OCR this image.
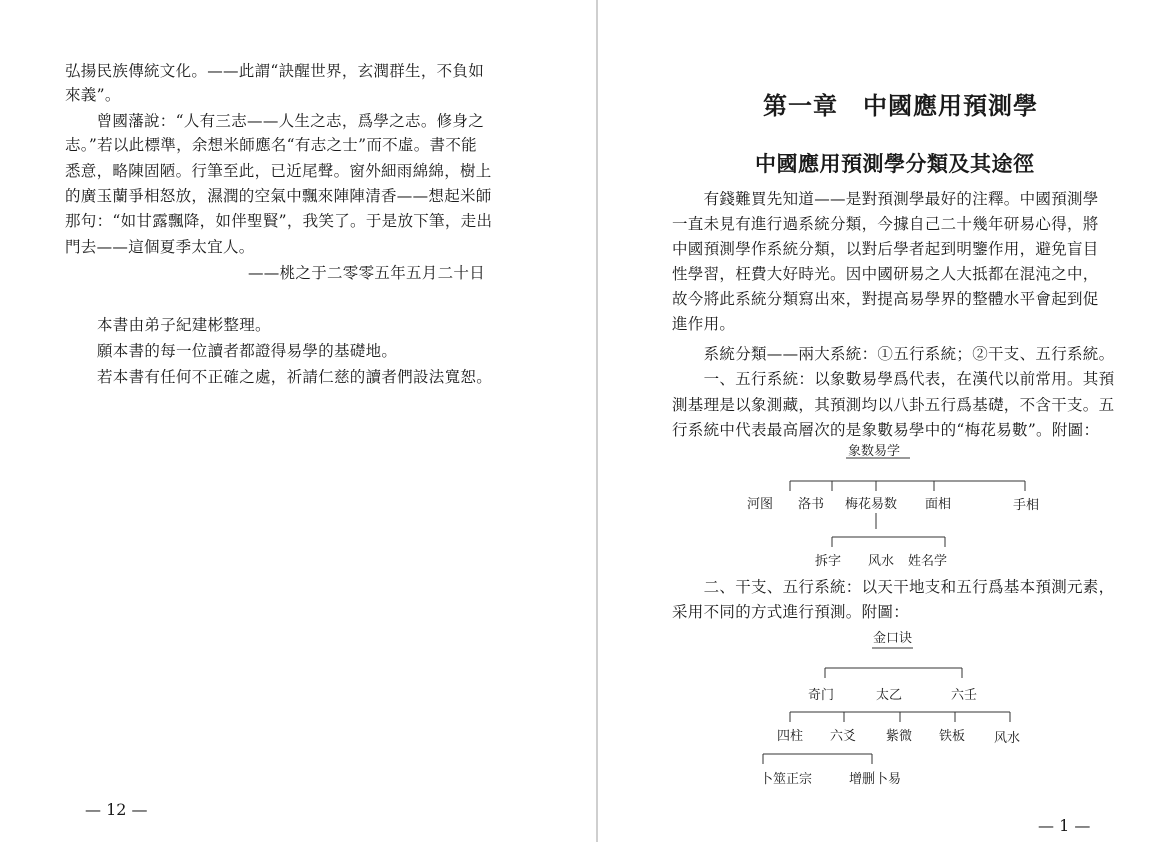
弘揚民族傳統文化。——此謂“訣醒世界，玄潤群生，不負如
來義”。
　　曾國藩說：“人有三志——人生之志，爲學之志。修身之
志。”若以此標準，余想米師應名“有志之士”而不虛。書不能
悉意，略陳固陋。行筆至此，已近尾聲。窗外細雨綿綿，樹上
的廣玉蘭爭相怒放，濕潤的空氣中飄來陣陣清香——想起米師
那句：“如甘露飄降，如伴聖賢”，我笑了。于是放下筆，走出
門去——這個夏季太宜人。
——桃之于二零零五年五月二十日
本書由弟子紀建彬整理。
願本書的每一位讀者都證得易學的基礎地。
若本書有任何不正確之處，祈請仁慈的讀者們設法寬恕。
— 12 —
第一章　中國應用預測學
中國應用預測學分類及其途徑
　　有錢難買先知道——是對預測學最好的注釋。中國預測學
一直未見有進行過系統分類，今據自己二十幾年研易心得，將
中國預測學作系統分類，以對后學者起到明鑒作用，避免盲目
性學習，枉費大好時光。因中國研易之人大抵都在混沌之中，
故今將此系統分類寫出來，對提高易學界的整體水平會起到促
進作用。
　　系統分類——兩大系統：①五行系統；②干支、五行系統。
　　一、五行系統：以象數易學爲代表，在漢代以前常用。其預
測基理是以象測藏，其預測均以八卦五行爲基礎，不含干支。五
行系統中代表最高層次的是象數易學中的“梅花易數”。附圖：
象数易学
河图 洛书 梅花易数 面相	手相
拆字 风水 姓名学
　　二、干支、五行系統：以天干地支和五行爲基本預測元素，
采用不同的方式進行預測。附圖：
金口诀
奇门	太乙	六壬
四柱 六爻 紫微 铁板 风水
卜筮正宗	增删卜易
— 1 —
